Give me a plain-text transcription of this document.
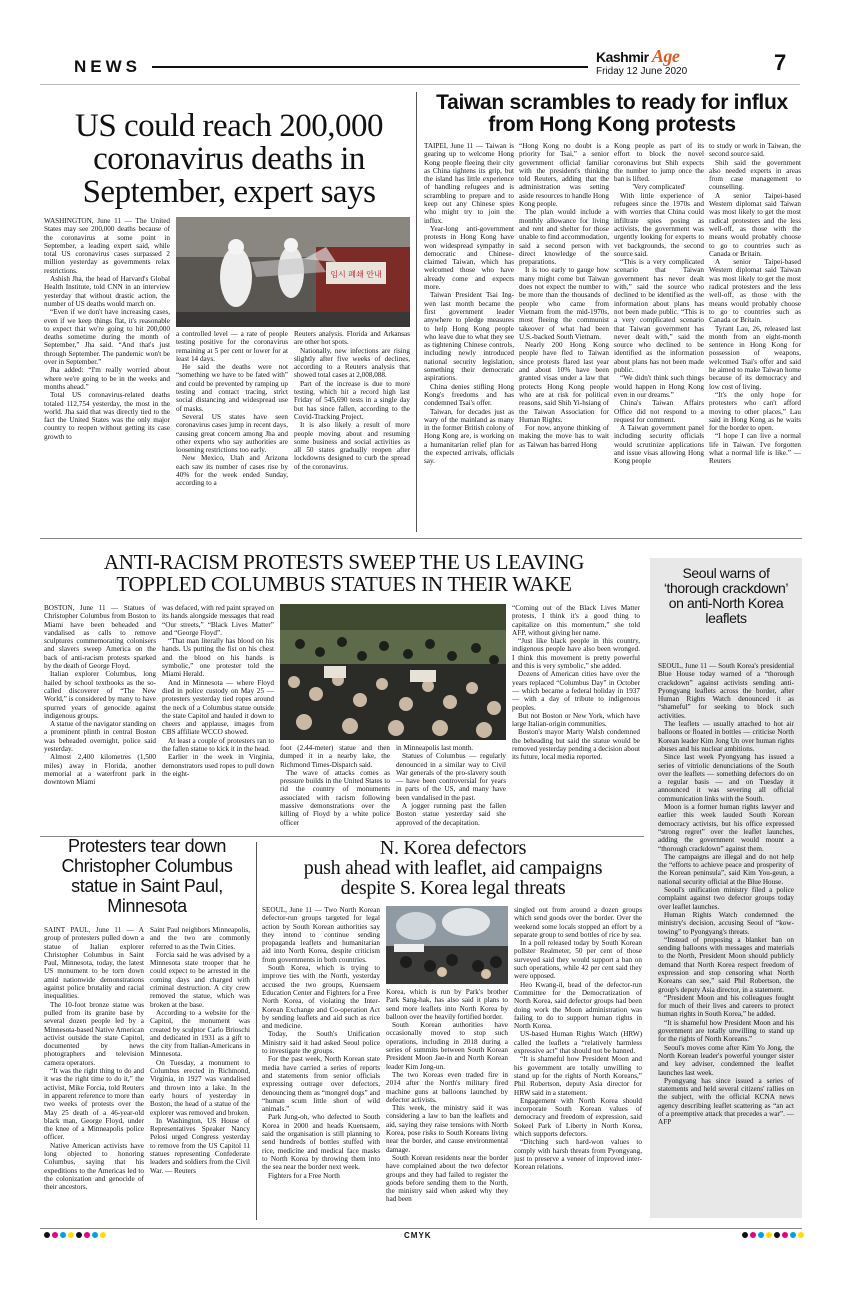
NEWS	Kashmir Age
Friday 12 June 2020	7
US could reach 200,000 coronavirus deaths in September, expert says

WASHINGTON, June 11 — The United States may see 200,000 deaths because of the coronavirus at some point in September, a leading expert said, while total US coronavirus cases surpassed 2 million yesterday as governments relax restrictions.

Ashish Jha, the head of Harvard's Global Health Institute, told CNN in an interview yesterday that without drastic action, the number of US deaths would march on.

“Even if we don't have increasing cases, even if we keep things flat, it's reasonable to expect that we're going to hit 200,000 deaths sometime during the month of September,” Jha said. “And that's just through September. The pandemic won't be over in September.”

Jha added: “I'm really worried about where we're going to be in the weeks and months ahead.”

Total US coronavirus-related deaths totaled 112,754 yesterday, the most in the world. Jha said that was directly tied to the fact the United States was the only major country to reopen without getting its case growth to

임시 폐쇄 안내

a controlled level — a rate of people testing positive for the coronavirus remaining at 5 per cent or lower for at least 14 days.

He said the deaths were not “something we have to be fated with” and could be prevented by ramping up testing and contact tracing, strict social distancing and widespread use of masks.

Several US states have seen coronavirus cases jump in recent days, causing great concern among Jha and other experts who say authorities are loosening restrictions too early.

New Mexico, Utah and Arizona each saw its number of cases rise by 40% for the week ended Sunday, according to a

Reuters analysis. Florida and Arkansas are other hot spots.

Nationally, new infections are rising slightly after five weeks of declines, according to a Reuters analysis that showed total cases at 2,008,088.

Part of the increase is due to more testing, which hit a record high last Friday of 545,690 tests in a single day but has since fallen, according to the Covid-Tracking Project.

It is also likely a result of more people moving about and resuming some business and social activities as all 50 states gradually reopen after lockdowns designed to curb the spread of the coronavirus.

Taiwan scrambles to ready for influx from Hong Kong protests

TAIPEI, June 11 — Taiwan is gearing up to welcome Hong Kong people fleeing their city as China tightens its grip, but the island has little experience of handling refugees and is scrambling to prepare and to keep out any Chinese spies who might try to join the influx.

Year-long anti-government protests in Hong Kong have won widespread sympathy in democratic and Chinese-claimed Taiwan, which has welcomed those who have already come and expects more.

Taiwan President Tsai Ing-wen last month became the first government leader anywhere to pledge measures to help Hong Kong people who leave due to what they see as tightening Chinese controls, including newly introduced national security legislation, something their democratic aspirations.

China denies stifling Hong Kong's freedoms and has condemned Tsai's offer.

Taiwan, for decades just as wary of the mainland as many in the former British colony of Hong Kong are, is working on a humanitarian relief plan for the expected arrivals, officials say.

“Hong Kong no doubt is a priority for Tsai,” a senior government official familiar with the president's thinking told Reuters, adding that the administration was setting aside resources to handle Hong Kong people.

The plan would include a monthly allowance for living and rent and shelter for those unable to find accommodation, said a second person with direct knowledge of the preparations.

It is too early to gauge how many might come but Taiwan does not expect the number to be more than the thousands of people who came from Vietnam from the mid-1970s, most fleeing the communist takeover of what had been U.S.-backed South Vietnam.

Nearly 200 Hong Kong people have fled to Taiwan since protests flared last year and about 10% have been granted visas under a law that protects Hong Kong people who are at risk for political reasons, said Shih Yi-hsiang of the Taiwan Association for Human Rights.

For now, anyone thinking of making the move has to wait as Taiwan has barred Hong

Kong people as part of its effort to block the novel coronavirus but Shih expects the number to jump once the ban is lifted.

'Very complicated'

With little experience of refugees since the 1970s and with worries that China could infiltrate spies posing as activists, the government was urgently looking for experts to vet backgrounds, the second source said.

“This is a very complicated scenario that Taiwan government has never dealt with,” said the source who declined to be identified as the information about plans has not been made public. “This is a very complicated scenario that Taiwan government has never dealt with,” said the source who declined to be identified as the information about plans has not been made public.

“We didn't think such things would happen in Hong Kong even in our dreams.”

China's Taiwan Affairs Office did not respond to a request for comment.

A Taiwan government panel including security officials would scrutinize applications and issue visas allowing Hong Kong people

to study or work in Taiwan, the second source said.

Shih said the government also needed experts in areas from case management to counselling.

A senior Taipei-based Western diplomat said Taiwan was most likely to get the most radical protesters and the less well-off, as those with the means would probably choose to go to countries such as Canada or Britain.

A senior Taipei-based Western diplomat said Taiwan was most likely to get the most radical protesters and the less well-off, as those with the means would probably choose to go to countries such as Canada or Britain.

Tyrant Lau, 26, released last month from an eight-month sentence in Hong Kong for possession of weapons, welcomed Tsai's offer and said he aimed to make Taiwan home because of its democracy and low cost of living.

“It's the only hope for protesters who can't afford moving to other places,” Lau said in Hong Kong as he waits for the border to open.

“I hope I can live a normal life in Taiwan. I've forgotten what a normal life is like.” — Reuters

ANTI-RACISM PROTESTS SWEEP THE US LEAVING
TOPPLED COLUMBUS STATUES IN THEIR WAKE

BOSTON, June 11 — Statues of Christopher Columbus from Boston to Miami have been beheaded and vandalised as calls to remove sculptures commemorating colonisers and slavers sweep America on the back of anti-racism protests sparked by the death of George Floyd.

Italian explorer Columbus, long hailed by school textbooks as the so-called discoverer of “The New World,” is considered by many to have spurred years of genocide against indigenous groups.

A statue of the navigator standing on a prominent plinth in central Boston was beheaded overnight, police said yesterday.

Almost 2,400 kilometres (1,500 miles) away in Florida, another memorial at a waterfront park in downtown Miami

was defaced, with red paint sprayed on its hands alongside messages that read “Our streets,” “Black Lives Matter” and “George Floyd”.

“That man literally has blood on his hands. Us putting the fist on his chest and the blood on his hands is symbolic,” one protester told the Miami Herald.

And in Minnesota — where Floyd died in police custody on May 25 — protesters yesterday tied ropes around the neck of a Columbus statue outside the state Capitol and hauled it down to cheers and applause, images from CBS affiliate WCCO showed.

At least a couple of protesters ran to the fallen statue to kick it in the head.

Earlier in the week in Virginia, demonstrators used ropes to pull down the eight-

foot (2.44-meter) statue and then dumped it in a nearby lake, the Richmond Times-Dispatch said.

The wave of attacks comes as pressure builds in the United States to rid the country of monuments associated with racism following massive demonstrations over the killing of Floyd by a white police officer

in Minneapolis last month.

Statues of Columbus — regularly denounced in a similar way to Civil War generals of the pro-slavery south — have been controversial for years in parts of the US, and many have been vandalised in the past.

A jogger running past the fallen Boston statue yesterday said she approved of the decapitation.

“Coming out of the Black Lives Matter protests, I think it's a good thing to capitalize on this momentum,” she told AFP, without giving her name.

“Just like black people in this country, indigenous people have also been wronged. I think this movement is pretty powerful and this is very symbolic,” she added.

Dozens of American cities have over the years replaced “Columbus Day” in October — which became a federal holiday in 1937 — with a day of tribute to indigenous peoples.

But not Boston or New York, which have large Italian-origin communities.

Boston's mayor Marty Walsh condemned the beheading but said the statue would be removed yesterday pending a decision about its future, local media reported.

Seoul warns of ‘thorough crackdown’ on anti-North Korea leaflets

SEOUL, June 11 — South Korea's presidential Blue House today warned of a “thorough crackdown” against activists sending anti-Pyongyang leaflets across the border, after Human Rights Watch denounced it as “shameful” for seeking to block such activities.

The leaflets — usually attached to hot air balloons or floated in bottles — criticise North Korean leader Kim Jong Un over human rights abuses and his nuclear ambitions.

Since last week Pyongyang has issued a series of vitriolic denunciations of the South over the leaflets — something defectors do on a regular basis — and on Tuesday it announced it was severing all official communication links with the South.

Moon is a former human rights lawyer and earlier this week lauded South Korean democracy activists, but his office expressed “strong regret” over the leaflet launches, adding the government would mount a “thorough crackdown” against them.

The campaigns are illegal and do not help the “efforts to achieve peace and prosperity of the Korean peninsula”, said Kim You-geun, a national security official at the Blue House.

Seoul's unification ministry filed a police complaint against two defector groups today over leaflet launches.

Human Rights Watch condemned the ministry's decision, accusing Seoul of “kow-towing” to Pyongyang's threats.

“Instead of proposing a blanket ban on sending balloons with messages and materials to the North, President Moon should publicly demand that North Korea respect freedom of expression and stop censoring what North Koreans can see,” said Phil Robertson, the group's deputy Asia director, in a statement.

“President Moon and his colleagues fought for much of their lives and careers to protect human rights in South Korea,” he added.

“It is shameful how President Moon and his government are totally unwilling to stand up for the rights of North Koreans.”

Seoul's moves come after Kim Yo Jong, the North Korean leader's powerful younger sister and key adviser, condemned the leaflet launches last week.

Pyongyang has since issued a series of statements and held several citizens' rallies on the subject, with the official KCNA news agency describing leaflet scattering as “an act of a preemptive attack that precedes a war”. — AFP

Protesters tear down Christopher Columbus statue in Saint Paul, Minnesota

SAINT PAUL, June 11 — A group of protesters pulled down a statue of Italian explorer Christopher Columbus in Saint Paul, Minnesota, today, the latest US monument to be torn down amid nationwide demonstrations against police brutality and racial inequalities.

The 10-foot bronze statue was pulled from its granite base by several dozen people led by a Minnesota-based Native American activist outside the state Capitol, documented by news photographers and television camera operators.

“It was the right thing to do and it was the right time to do it,” the activist, Mike Forcia, told Reuters in apparent reference to more than two weeks of protests over the May 25 death of a 46-year-old black man, George Floyd, under the knee of a Minneapolis police officer.

Native American activists have long objected to honoring Columbus, saying that his expeditions to the Americas led to the colonization and genocide of their ancestors.

Saint Paul neighbors Minneapolis, and the two are commonly referred to as the Twin Cities.

Forcia said he was advised by a Minnesota state trooper that he could expect to be arrested in the coming days and charged with criminal destruction. A city crew removed the statue, which was broken at the base.

According to a website for the Capitol, the monument was created by sculptor Carlo Brioschi and dedicated in 1931 as a gift to the city from Italian-Americans in Minnesota.

On Tuesday, a monument to Columbus erected in Richmond, Virginia, in 1927 was vandalised and thrown into a lake. In the early hours of yesterday in Boston, the head of a statue of the explorer was removed and broken.

In Washington, US House of Representatives Speaker Nancy Pelosi urged Congress yesterday to remove from the US Capitol 11 statues representing Confederate leaders and soldiers from the Civil War. — Reuters

N. Korea defectors
push ahead with leaflet, aid campaigns
despite S. Korea legal threats

SEOUL, June 11 — Two North Korean defector-run groups targeted for legal action by South Korean authorities say they intend to continue sending propaganda leaflets and humanitarian aid into North Korea, despite criticism from governments in both countries.

South Korea, which is trying to improve ties with the North, yesterday accused the two groups, Kuensaem Education Center and Fighters for a Free North Korea, of violating the Inter-Korean Exchange and Co-operation Act by sending leaflets and aid such as rice and medicine.

Today, the South's Unification Ministry said it had asked Seoul police to investigate the groups.

For the past week, North Korean state media have carried a series of reports and statements from senior officials expressing outrage over defectors, denouncing them as “mongrel dogs” and “human scum little short of wild animals.”

Park Jung-oh, who defected to South Korea in 2000 and heads Kuensaem, said the organisation is still planning to send hundreds of bottles stuffed with rice, medicine and medical face masks to North Korea by throwing them into the sea near the border next week.

Fighters for a Free North

Korea, which is run by Park's brother Park Sang-hak, has also said it plans to send more leaflets into North Korea by balloon over the heavily fortified border.

South Korean authorities have occasionally moved to stop such operations, including in 2018 during a series of summits between South Korean President Moon Jae-in and North Korean leader Kim Jong-un.

The two Koreas even traded fire in 2014 after the North's military fired machine guns at balloons launched by defector activists.

This week, the ministry said it was considering a law to ban the leaflets and aid, saying they raise tensions with North Korea, pose risks to South Koreans living near the border, and cause environmental damage.

South Korean residents near the border have complained about the two defector groups and they had failed to register the goods before sending them to the North, the ministry said when asked why they had been

singled out from around a dozen groups which send goods over the border. Over the weekend some locals stopped an effort by a separate group to send bottles of rice by sea.

In a poll released today by South Korean pollster Realmeter, 50 per cent of those surveyed said they would support a ban on such operations, while 42 per cent said they were opposed.

Heo Kwang-il, head of the defector-run Committee for the Democratization of North Korea, said defector groups had been doing work the Moon administration was failing to do to support human rights in North Korea.

US-based Human Rights Watch (HRW) called the leaflets a “relatively harmless expressive act” that should not be banned.

“It is shameful how President Moon and his government are totally unwilling to stand up for the rights of North Koreans,” Phil Robertson, deputy Asia director for HRW said in a statement.

Engagement with North Korea should incorporate South Korean values of democracy and freedom of expression, said Sokeel Park of Liberty in North Korea, which supports defectors.

“Ditching such hard-won values to comply with harsh threats from Pyongyang, just to preserve a veneer of improved inter-Korean relations.

CMYK
